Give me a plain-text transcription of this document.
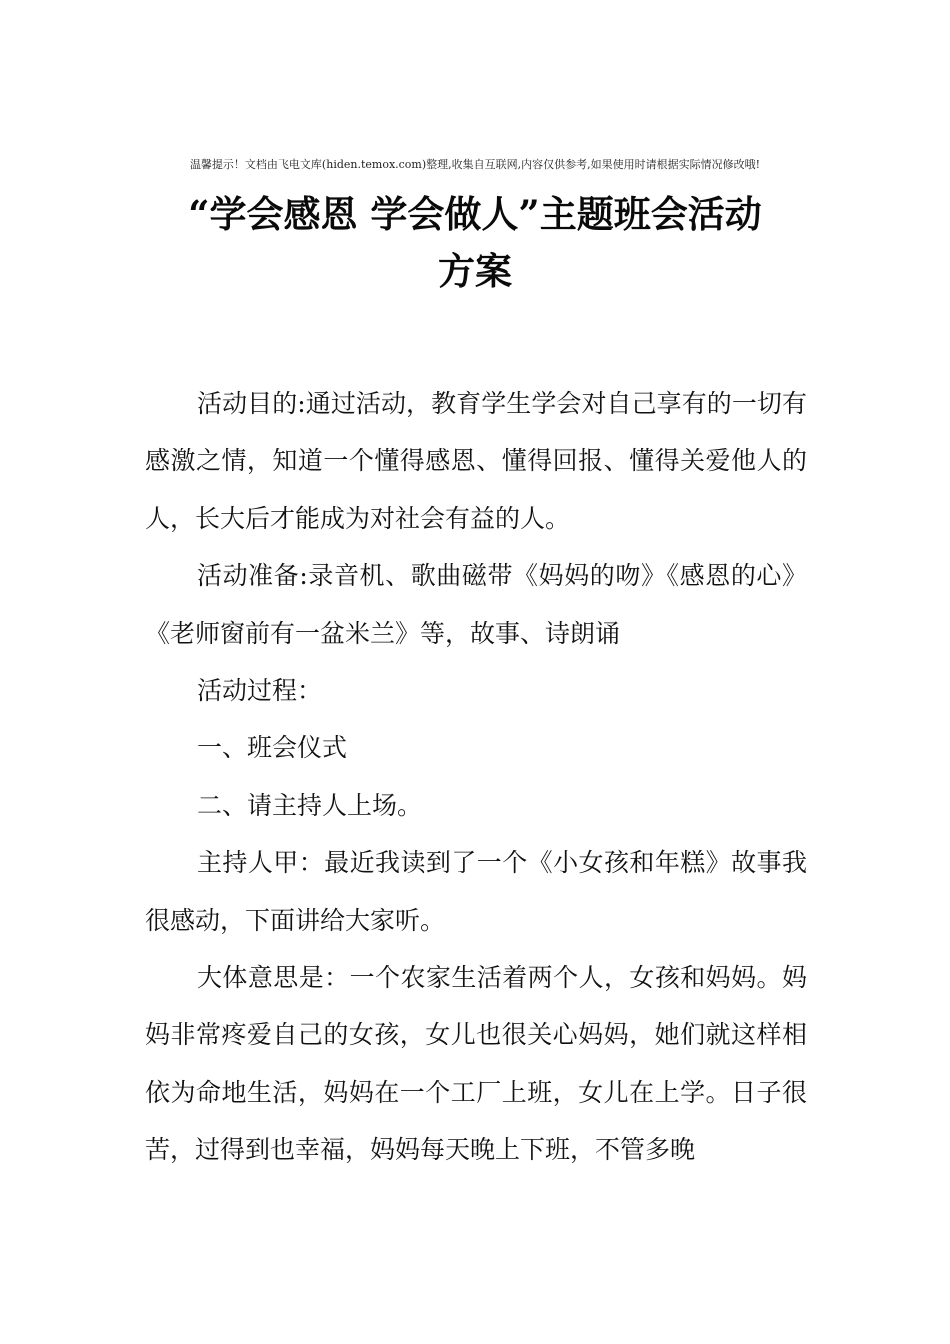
温馨提示！文档由飞电文库(hiden.temox.com)整理,收集自互联网,内容仅供参考,如果使用时请根据实际情况修改哦!
“学会感恩 学会做人”主题班会活动
方案

活动目的:通过活动，教育学生学会对自己享有的一切有感激之情，知道一个懂得感恩、懂得回报、懂得关爱他人的人，长大后才能成为对社会有益的人。

活动准备:录音机、歌曲磁带《妈妈的吻》《感恩的心》《老师窗前有一盆米兰》等，故事、诗朗诵

活动过程：

一、班会仪式

二、请主持人上场。

主持人甲：最近我读到了一个《小女孩和年糕》故事我很感动，下面讲给大家听。

大体意思是：一个农家生活着两个人，女孩和妈妈。妈妈非常疼爱自己的女孩，女儿也很关心妈妈，她们就这样相依为命地生活，妈妈在一个工厂上班，女儿在上学。日子很苦，过得到也幸福，妈妈每天晚上下班，不管多晚
